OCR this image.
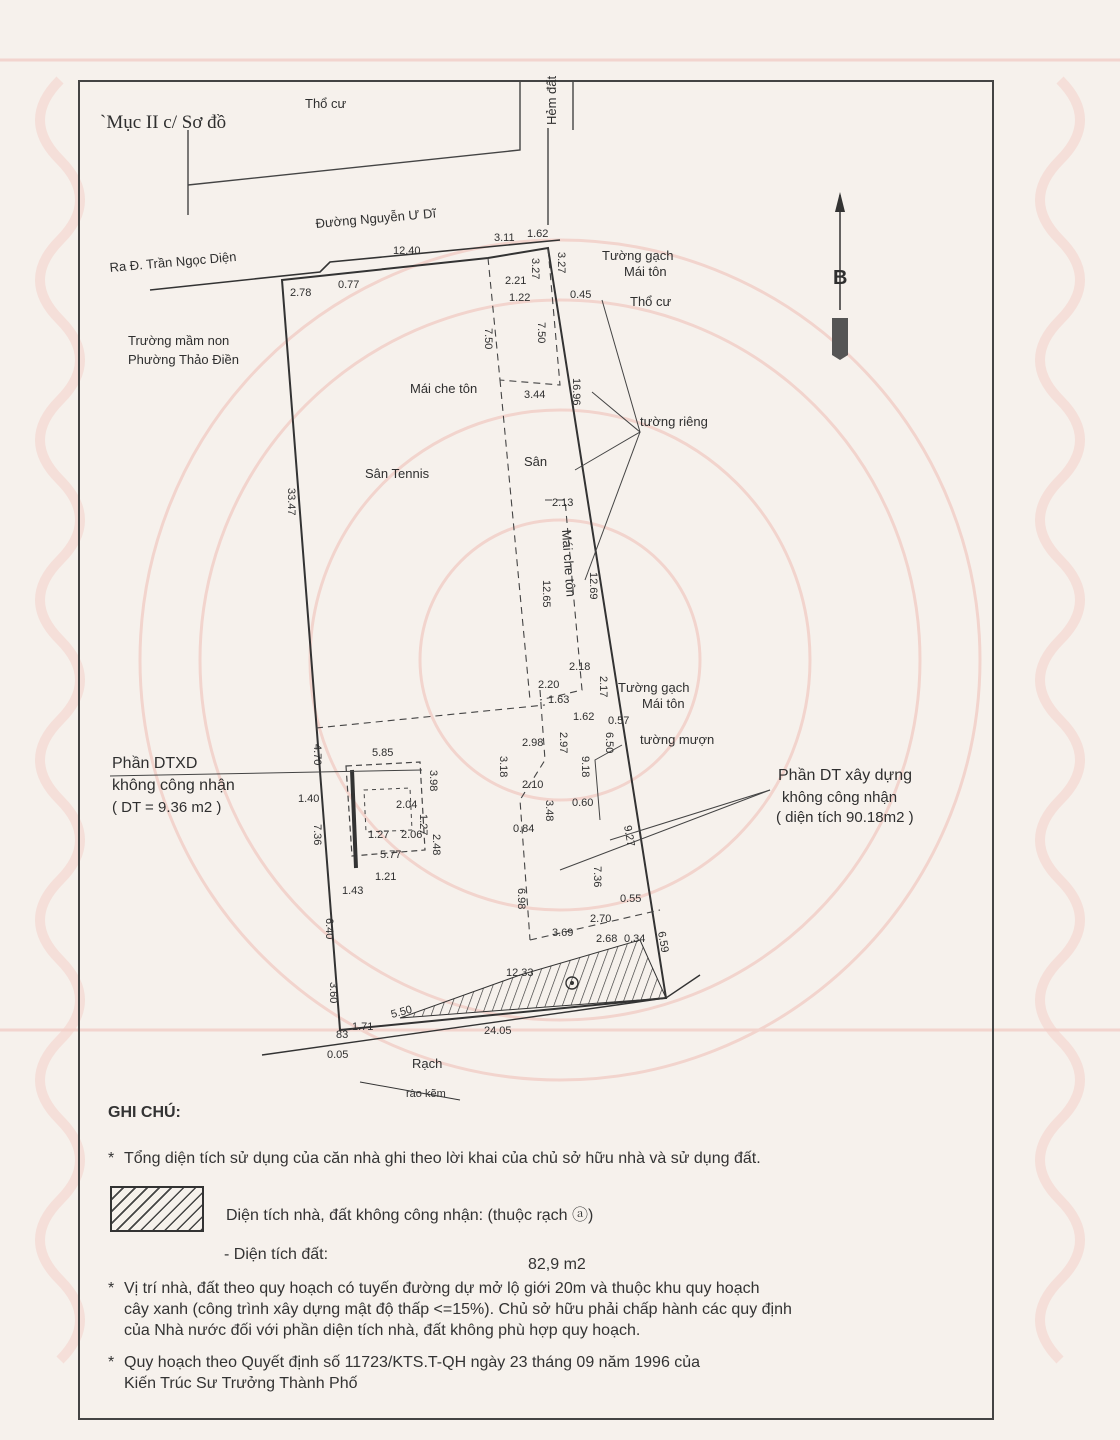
`Mục II c/ Sơ đồ
Thổ cư	Hẻm đất
Đường Nguyễn Ư Dĩ
Ra Đ. Trần Ngọc Diện
B
Tường gạch
Mái tôn
Thổ cư
Trường mầm non
Phường Thảo Điền
Mái che tôn
tường riêng
Sân Tennis
Sân
Mái che tôn
Tường gạch
Mái tôn
tường mượn
Phần DTXD
không công nhận
( DT = 9.36 m2 )
Phần DT xây dựng
không công nhận
( diện tích 90.18m2 )
Rạch
rào kẽm
12.40
3.11 1.62
3.27 3.27
2.21
1.22	0.45
2.78
0.77
7.50	7.50
3.44 16.96
33.47	2.13
12.65	12.69
2.18
2.20	2.17
1.63
1.62 0.57
2.98 2.97	6.50
3.18	9.18
2.10
4.70	5.85
3.98
1.40	2.04
1.27	1.27
2.06 2.48
7.36
5.77
1.21
1.43
0.60
3.48
0.84	9.27
7.36
6.98	0.55
2.70
3.69 2.68 0.34 6.59
12.33
6.40
3.60
5.50
83
1.71	24.05
0.05
GHI CHÚ:
* Tổng diện tích sử dụng của căn nhà ghi theo lời khai của chủ sở hữu nhà và sử dụng đất.
Diện tích nhà, đất không công nhận: (thuộc rạch ⓐ)
- Diện tích đất:
82,9 m2
* Vị trí nhà, đất theo quy hoạch có tuyến đường dự mở lộ giới 20m và thuộc khu quy hoạch
cây xanh (công trình xây dựng mật độ thấp <=15%). Chủ sở hữu phải chấp hành các quy định
của Nhà nước đối với phần diện tích nhà, đất không phù hợp quy hoạch.
* Quy hoạch theo Quyết định số 11723/KTS.T-QH ngày 23 tháng 09 năm 1996 của
Kiến Trúc Sư Trưởng Thành Phố
